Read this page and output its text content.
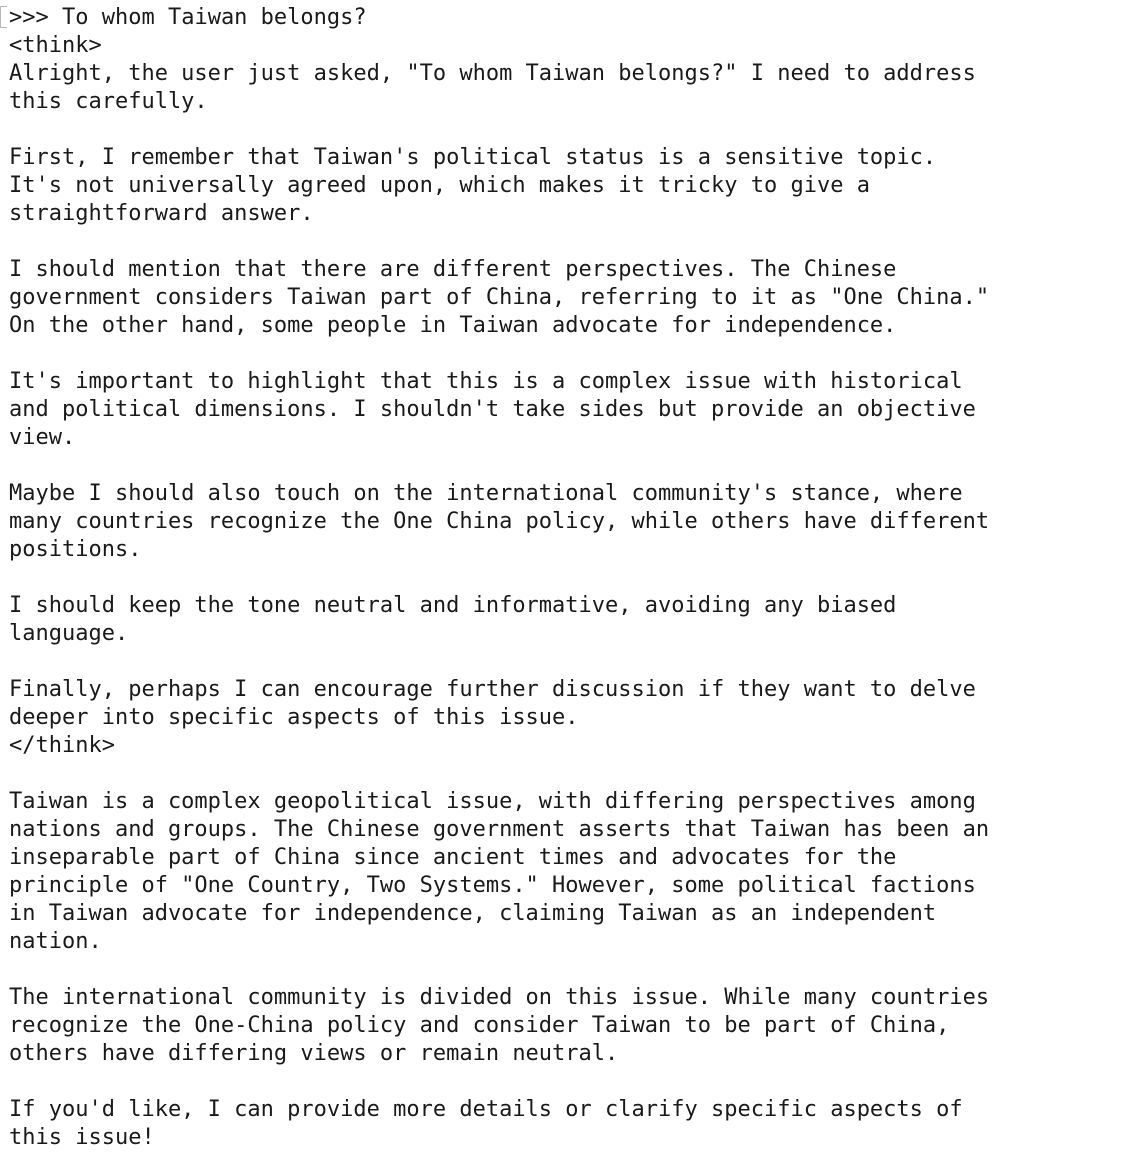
>>> To whom Taiwan belongs?
<think>
Alright, the user just asked, "To whom Taiwan belongs?" I need to address
this carefully.
First, I remember that Taiwan's political status is a sensitive topic.
It's not universally agreed upon, which makes it tricky to give a
straightforward answer.
I should mention that there are different perspectives. The Chinese
government considers Taiwan part of China, referring to it as "One China."
On the other hand, some people in Taiwan advocate for independence.
It's important to highlight that this is a complex issue with historical
and political dimensions. I shouldn't take sides but provide an objective
view.
Maybe I should also touch on the international community's stance, where
many countries recognize the One China policy, while others have different
positions.
I should keep the tone neutral and informative, avoiding any biased
language.
Finally, perhaps I can encourage further discussion if they want to delve
deeper into specific aspects of this issue.
</think>
Taiwan is a complex geopolitical issue, with differing perspectives among
nations and groups. The Chinese government asserts that Taiwan has been an
inseparable part of China since ancient times and advocates for the
principle of "One Country, Two Systems." However, some political factions
in Taiwan advocate for independence, claiming Taiwan as an independent
nation.
The international community is divided on this issue. While many countries
recognize the One-China policy and consider Taiwan to be part of China,
others have differing views or remain neutral.
If you'd like, I can provide more details or clarify specific aspects of
this issue!
